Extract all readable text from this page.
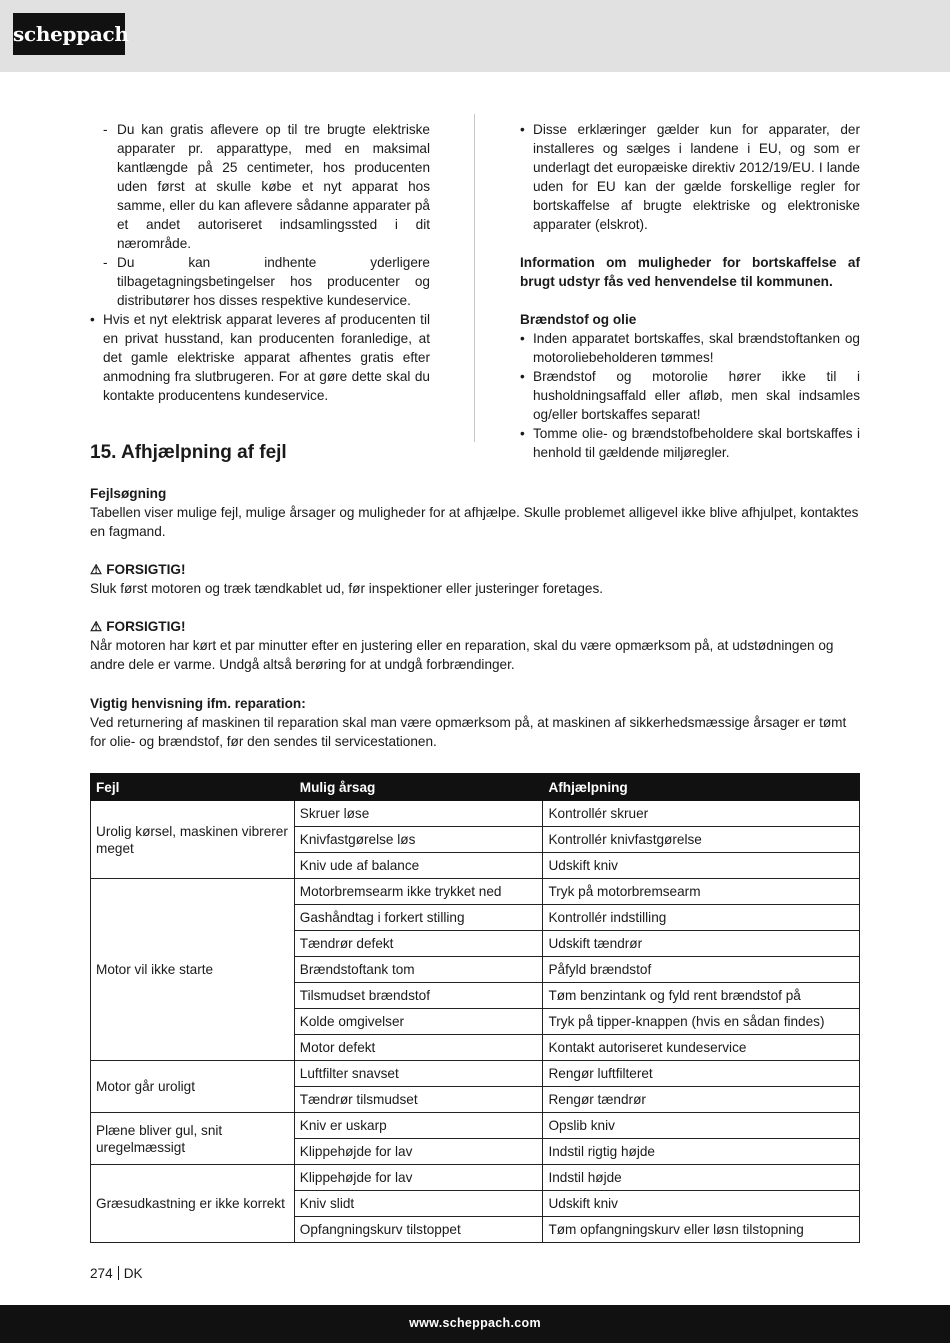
scheppach
- Du kan gratis aflevere op til tre brugte elektriske apparater pr. apparattype, med en maksimal kantlængde på 25 centimeter, hos producenten uden først at skulle købe et nyt apparat hos samme, eller du kan aflevere sådanne apparater på et andet autoriseret indsamlingssted i dit nærområde.
- Du kan indhente yderligere tilbagetagningsbetingelser hos producenter og distributører hos disses respektive kundeservice.
• Hvis et nyt elektrisk apparat leveres af producenten til en privat husstand, kan producenten foranledige, at det gamle elektriske apparat afhentes gratis efter anmodning fra slutbrugeren. For at gøre dette skal du kontakte producentens kundeservice.
• Disse erklæringer gælder kun for apparater, der installeres og sælges i landene i EU, og som er underlagt det europæiske direktiv 2012/19/EU. I lande uden for EU kan der gælde forskellige regler for bortskaffelse af brugte elektriske og elektroniske apparater (elskrot).

Information om muligheder for bortskaffelse af brugt udstyr fås ved henvendelse til kommunen.

Brændstof og olie

• Inden apparatet bortskaffes, skal brændstoftanken og motoroliebeholderen tømmes!
• Brændstof og motorolie hører ikke til i husholdningsaffald eller afløb, men skal indsamles og/eller bortskaffes separat!
• Tomme olie- og brændstofbeholdere skal bortskaffes i henhold til gældende miljøregler.
15. Afhjælpning af fejl

Fejlsøgning

Tabellen viser mulige fejl, mulige årsager og muligheder for at afhjælpe. Skulle problemet alligevel ikke blive afhjulpet, kontaktes en fagmand.

⚠ FORSIGTIG!

Sluk først motoren og træk tændkablet ud, før inspektioner eller justeringer foretages.

⚠ FORSIGTIG!

Når motoren har kørt et par minutter efter en justering eller en reparation, skal du være opmærksom på, at udstødningen og andre dele er varme. Undgå altså berøring for at undgå forbrændinger.

Vigtig henvisning ifm. reparation:

Ved returnering af maskinen til reparation skal man være opmærksom på, at maskinen af sikkerhedsmæssige årsager er tømt for olie- og brændstof, før den sendes til servicestationen.

Fejl	Mulig årsag	Afhjælpning
Urolig kørsel, maskinen vibrerer meget	Skruer løse	Kontrollér skruer
	Knivfastgørelse løs	Kontrollér knivfastgørelse
	Kniv ude af balance	Udskift kniv
Motor vil ikke starte	Motorbremsearm ikke trykket ned	Tryk på motorbremsearm
	Gashåndtag i forkert stilling	Kontrollér indstilling
	Tændrør defekt	Udskift tændrør
	Brændstoftank tom	Påfyld brændstof
	Tilsmudset brændstof	Tøm benzintank og fyld rent brændstof på
	Kolde omgivelser	Tryk på tipper-knappen (hvis en sådan findes)
	Motor defekt	Kontakt autoriseret kundeservice
Motor går uroligt	Luftfilter snavset	Rengør luftfilteret
	Tændrør tilsmudset	Rengør tændrør
Plæne bliver gul, snit uregelmæssigt	Kniv er uskarp	Opslib kniv
	Klippehøjde for lav	Indstil rigtig højde
Græsudkastning er ikke korrekt	Klippehøjde for lav	Indstil højde
	Kniv slidt	Udskift kniv
	Opfangningskurv tilstoppet	Tøm opfangningskurv eller løsn tilstopning
274 DK
www.scheppach.com
